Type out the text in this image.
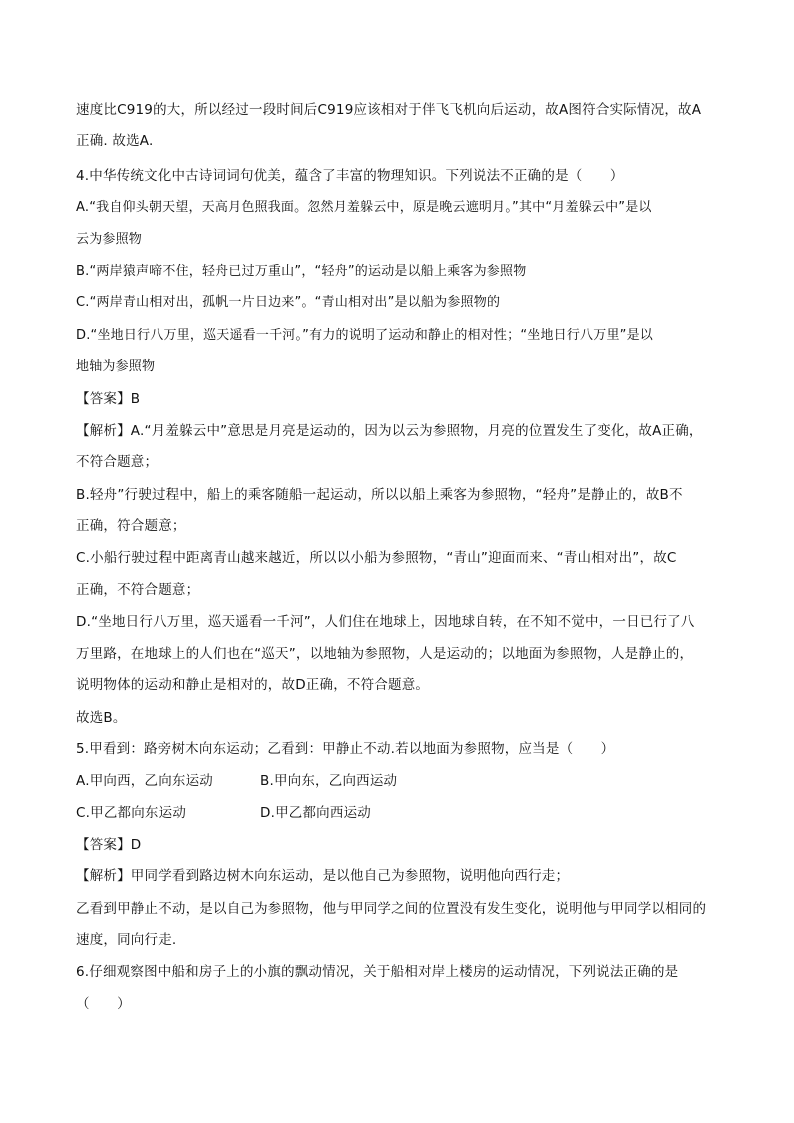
速度比C919的大，所以经过一段时间后C919应该相对于伴飞飞机向后运动，故A图符合实际情况，故A
正确. 故选A.
4.中华传统文化中古诗词词句优美，蕴含了丰富的物理知识。下列说法不正确的是（　　）
A.“我自仰头朝天望，天高月色照我面。忽然月羞躲云中，原是晚云遮明月。”其中“月羞躲云中”是以
云为参照物
B.“两岸猿声啼不住，轻舟已过万重山”，“轻舟”的运动是以船上乘客为参照物
C.“两岸青山相对出，孤帆一片日边来”。“青山相对出”是以船为参照物的
D.“坐地日行八万里，巡天遥看一千河。”有力的说明了运动和静止的相对性；“坐地日行八万里”是以
地轴为参照物
【答案】B
【解析】A.“月羞躲云中”意思是月亮是运动的，因为以云为参照物，月亮的位置发生了变化，故A正确，
不符合题意；
B.轻舟”行驶过程中，船上的乘客随船一起运动，所以以船上乘客为参照物，“轻舟”是静止的，故B不
正确，符合题意；
C.小船行驶过程中距离青山越来越近，所以以小船为参照物，“青山”迎面而来、“青山相对出”，故C
正确，不符合题意；
D.“坐地日行八万里，巡天遥看一千河”，人们住在地球上，因地球自转，在不知不觉中，一日已行了八
万里路，在地球上的人们也在“巡天”，以地轴为参照物，人是运动的；以地面为参照物，人是静止的，
说明物体的运动和静止是相对的，故D正确，不符合题意。
故选B。
5.甲看到：路旁树木向东运动；乙看到：甲静止不动.若以地面为参照物，应当是（　　）
A.甲向西，乙向东运动	B.甲向东，乙向西运动
C.甲乙都向东运动	D.甲乙都向西运动
【答案】D
【解析】甲同学看到路边树木向东运动，是以他自己为参照物，说明他向西行走；
乙看到甲静止不动，是以自己为参照物，他与甲同学之间的位置没有发生变化，说明他与甲同学以相同的
速度，同向行走.
6.仔细观察图中船和房子上的小旗的飘动情况，关于船相对岸上楼房的运动情况，下列说法正确的是
（　　）
